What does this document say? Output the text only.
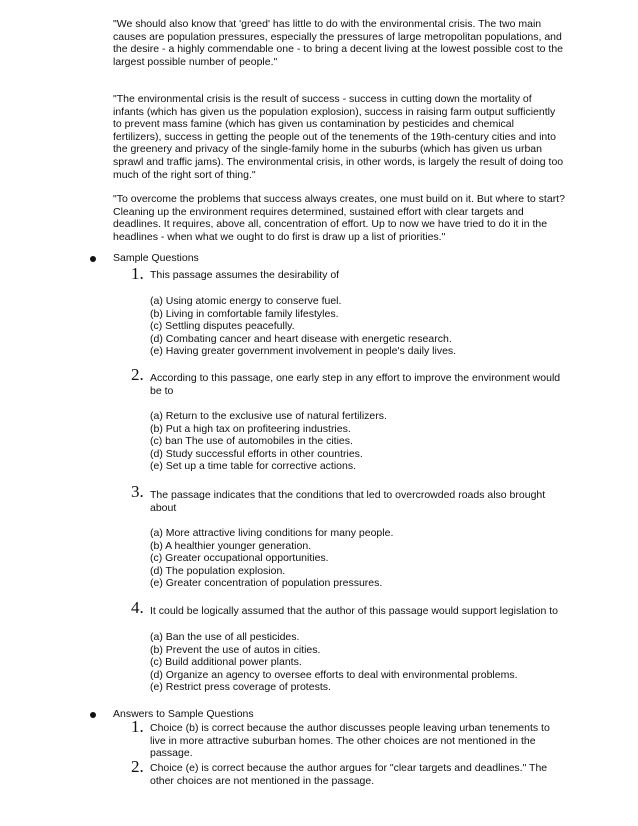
"We should also know that 'greed' has little to do with the environmental crisis. The two main causes are population pressures, especially the pressures of large metropolitan populations, and the desire - a highly commendable one - to bring a decent living at the lowest possible cost to the largest possible number of people."

"The environmental crisis is the result of success - success in cutting down the mortality of infants (which has given us the population explosion), success in raising farm output sufficiently to prevent mass famine (which has given us contamination by pesticides and chemical fertilizers), success in getting the people out of the tenements of the 19th-century cities and into the greenery and privacy of the single-family home in the suburbs (which has given us urban sprawl and traffic jams). The environmental crisis, in other words, is largely the result of doing too much of the right sort of thing."

"To overcome the problems that success always creates, one must build on it. But where to start? Cleaning up the environment requires determined, sustained effort with clear targets and deadlines. It requires, above all, concentration of effort. Up to now we have tried to do it in the headlines - when what we ought to do first is draw up a list of priorities."

Sample Questions
1. This passage assumes the desirability of

(a) Using atomic energy to conserve fuel.
(b) Living in comfortable family lifestyles.
(c) Settling disputes peacefully.
(d) Combating cancer and heart disease with energetic research.
(e) Having greater government involvement in people's daily lives.
2. According to this passage, one early step in any effort to improve the environment would be to

(a) Return to the exclusive use of natural fertilizers.
(b) Put a high tax on profiteering industries.
(c) ban The use of automobiles in the cities.
(d) Study successful efforts in other countries.
(e) Set up a time table for corrective actions.
3. The passage indicates that the conditions that led to overcrowded roads also brought about

(a) More attractive living conditions for many people.
(b) A healthier younger generation.
(c) Greater occupational opportunities.
(d) The population explosion.
(e) Greater concentration of population pressures.
4. It could be logically assumed that the author of this passage would support legislation to

(a) Ban the use of all pesticides.
(b) Prevent the use of autos in cities.
(c) Build additional power plants.
(d) Organize an agency to oversee efforts to deal with environmental problems.
(e) Restrict press coverage of protests.
Answers to Sample Questions
1. Choice (b) is correct because the author discusses people leaving urban tenements to live in more attractive suburban homes. The other choices are not mentioned in the passage.

2. Choice (e) is correct because the author argues for "clear targets and deadlines." The other choices are not mentioned in the passage.
